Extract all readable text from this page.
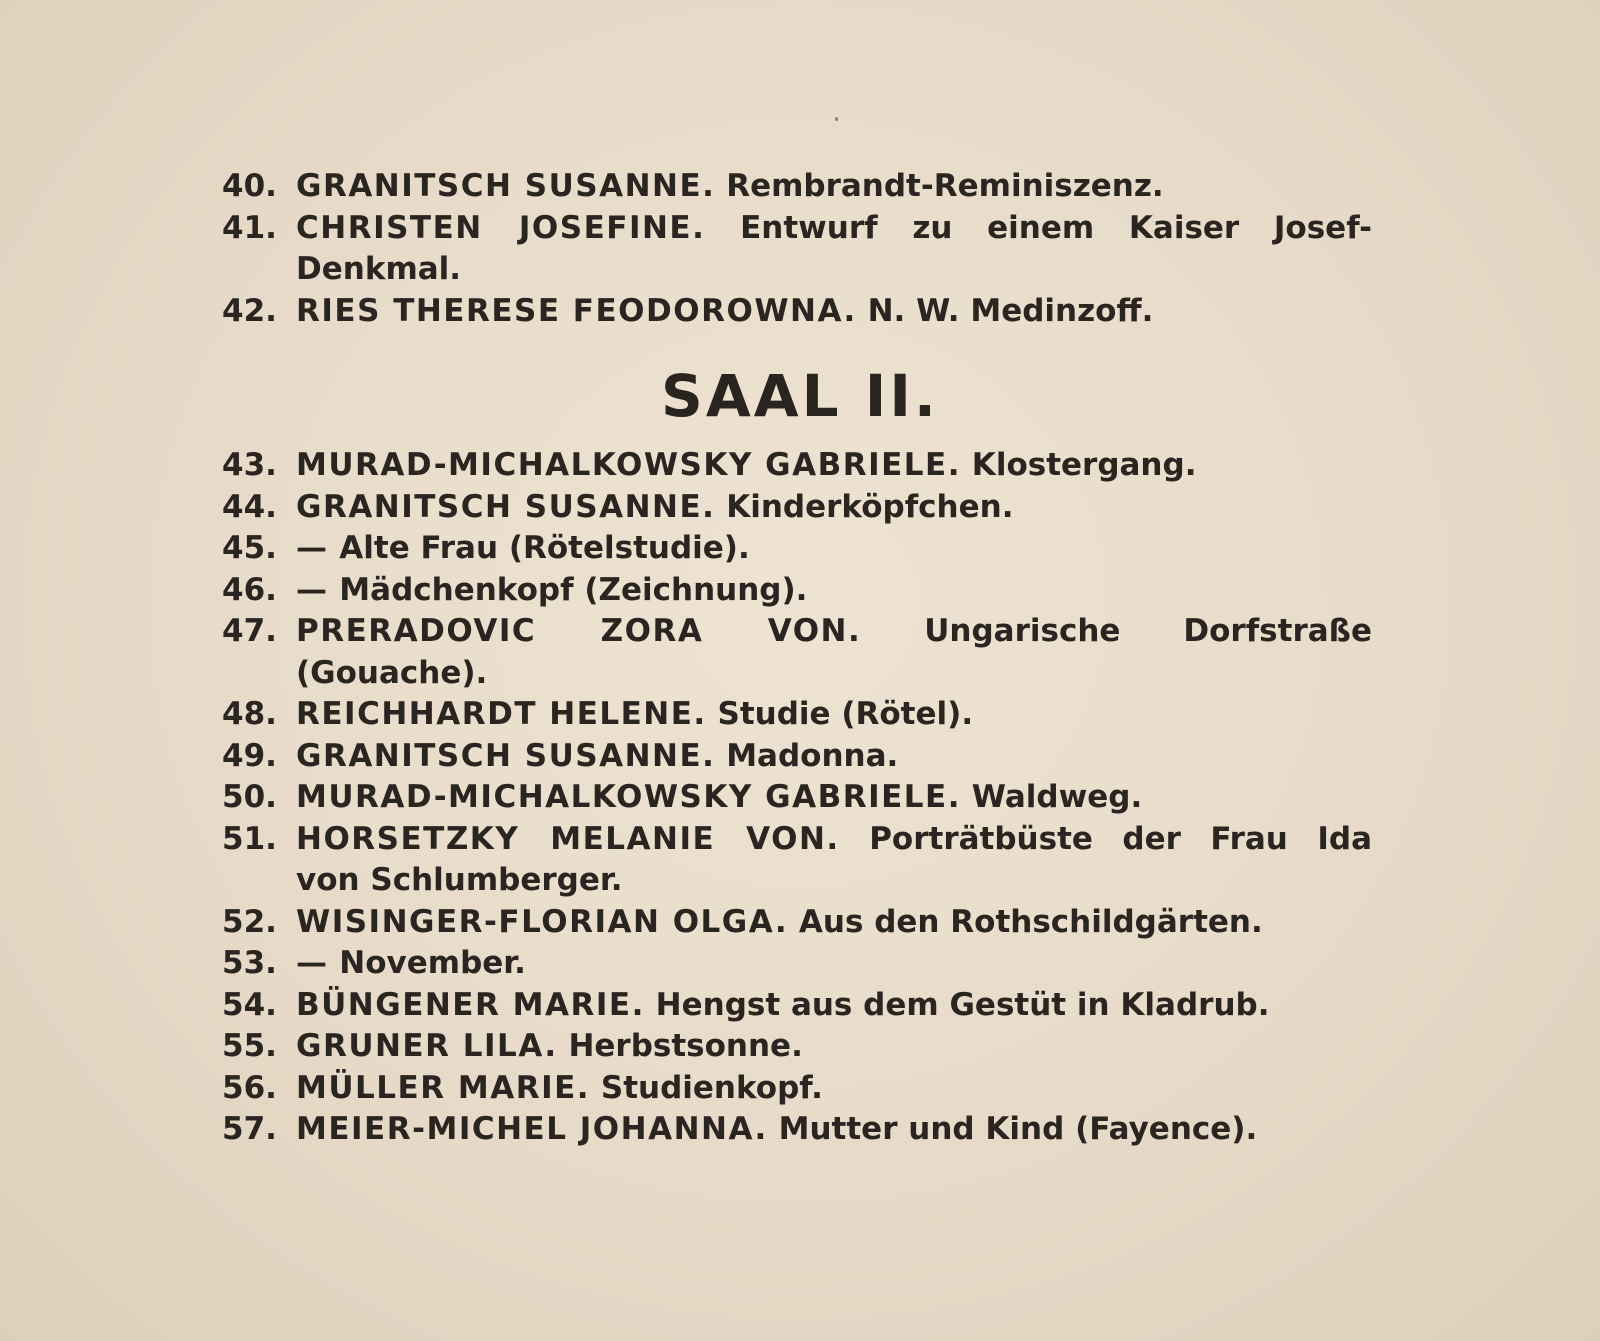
40. GRANITSCH SUSANNE. Rembrandt-Reminiszenz.
41. CHRISTEN JOSEFINE. Entwurf zu einem Kaiser Josef-
Denkmal.
42. RIES THERESE FEODOROWNA. N. W. Medinzoff.
SAAL II.
43. MURAD-MICHALKOWSKY GABRIELE. Klostergang.
44. GRANITSCH SUSANNE. Kinderköpfchen.
45. — Alte Frau (Rötelstudie).
46. — Mädchenkopf (Zeichnung).
47. PRERADOVIC ZORA VON. Ungarische Dorfstraße
(Gouache).
48. REICHHARDT HELENE. Studie (Rötel).
49. GRANITSCH SUSANNE. Madonna.
50. MURAD-MICHALKOWSKY GABRIELE. Waldweg.
51. HORSETZKY MELANIE VON. Porträtbüste der Frau Ida
von Schlumberger.
52. WISINGER-FLORIAN OLGA. Aus den Rothschildgärten.
53. — November.
54. BÜNGENER MARIE. Hengst aus dem Gestüt in Kladrub.
55. GRUNER LILA. Herbstsonne.
56. MÜLLER MARIE. Studienkopf.
57. MEIER-MICHEL JOHANNA. Mutter und Kind (Fayence).
